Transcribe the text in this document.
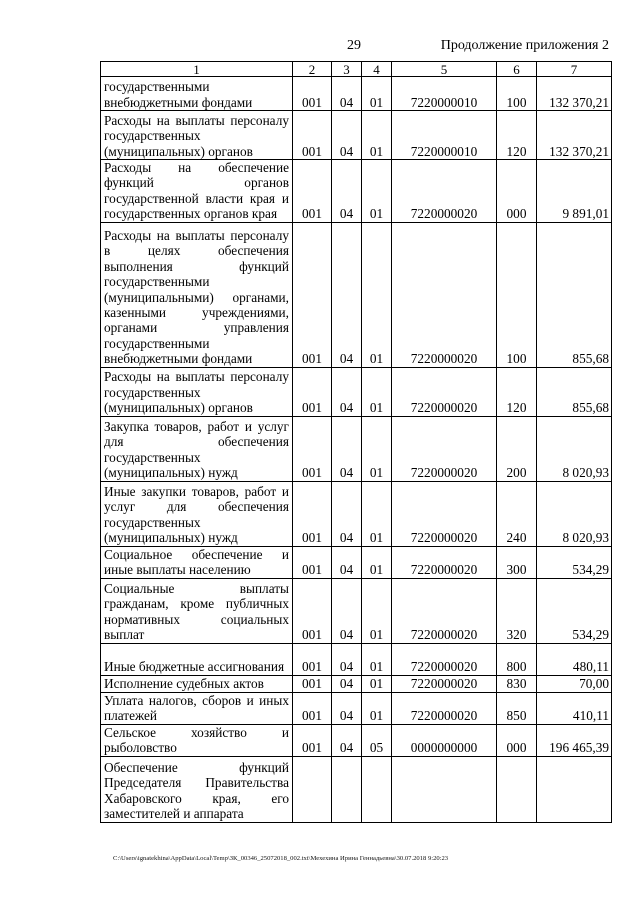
29	Продолжение приложения 2
1	2	3	4	5	6	7
государственными внебюджетными фондами	001	04	01	7220000010	100	132 370,21
Расходы на выплаты персоналу государственных (муниципальных) органов	001	04	01	7220000010	120	132 370,21
Расходы на обеспечение функций органов государственной власти края и государственных органов края	001	04	01	7220000020	000	9 891,01
Расходы на выплаты персоналу в целях обеспечения выполнения функций государственными (муниципальными) органами, казенными учреждениями, органами управления государственными внебюджетными фондами	001	04	01	7220000020	100	855,68
Расходы на выплаты персоналу государственных (муниципальных) органов	001	04	01	7220000020	120	855,68
Закупка товаров, работ и услуг для обеспечения государственных (муниципальных) нужд	001	04	01	7220000020	200	8 020,93
Иные закупки товаров, работ и услуг для обеспечения государственных (муниципальных) нужд	001	04	01	7220000020	240	8 020,93
Социальное обеспечение и иные выплаты населению	001	04	01	7220000020	300	534,29
Социальные выплаты гражданам, кроме публичных нормативных социальных выплат	001	04	01	7220000020	320	534,29
Иные бюджетные ассигнования	001	04	01	7220000020	800	480,11
Исполнение судебных актов	001	04	01	7220000020	830	70,00
Уплата налогов, сборов и иных платежей	001	04	01	7220000020	850	410,11
Сельское хозяйство и рыболовство	001	04	05	0000000000	000	196 465,39
Обеспечение функций Председателя Правительства Хабаровского края, его заместителей и аппарата						
C:\Users\ignatekhina\AppData\Local\Temp\ЗК_00346_25072018_002.txt\Мехехина Ирина Геннадьевна\30.07.2018 9:20:23
